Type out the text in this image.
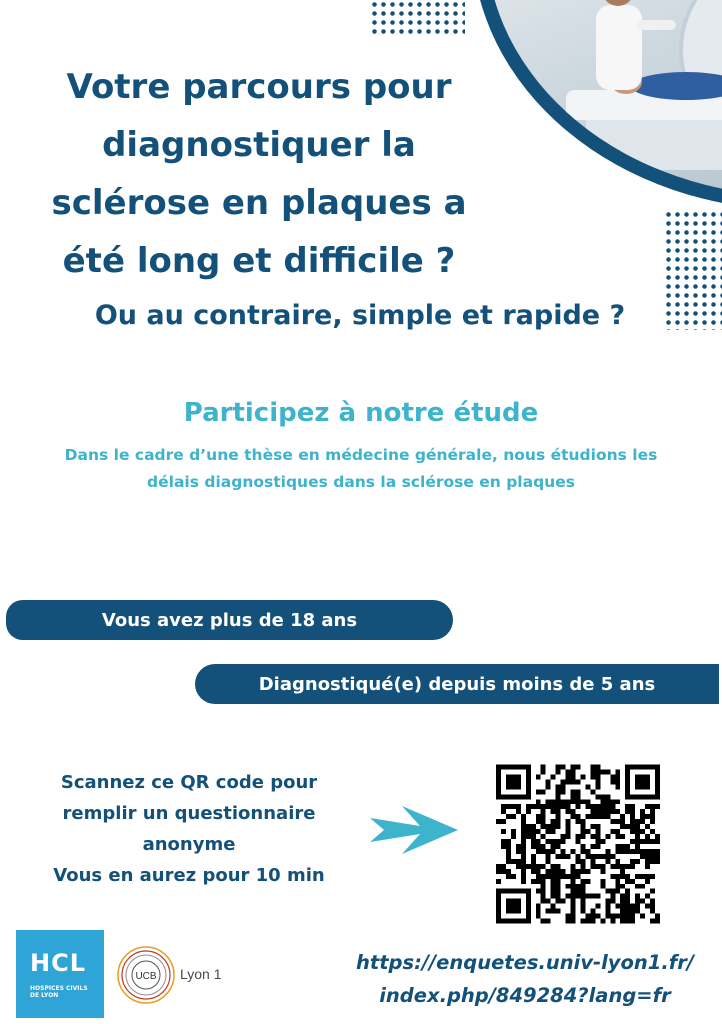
Votre parcours pour
diagnostiquer la
sclérose en plaques a
été long et difficile ?
Ou au contraire, simple et rapide ?
Participez à notre étude
Dans le cadre d’une thèse en médecine générale, nous étudions les
délais diagnostiques dans la sclérose en plaques
Vous avez plus de 18 ans
Diagnostiqué(e) depuis moins de 5 ans
Scannez ce QR code pour
remplir un questionnaire
anonyme
Vous en aurez pour 10 min
HCL
HOSPICES CIVILS
DE LYON
UCB Lyon 1	https://enquetes.univ-lyon1.fr/
index.php/849284?lang=fr
